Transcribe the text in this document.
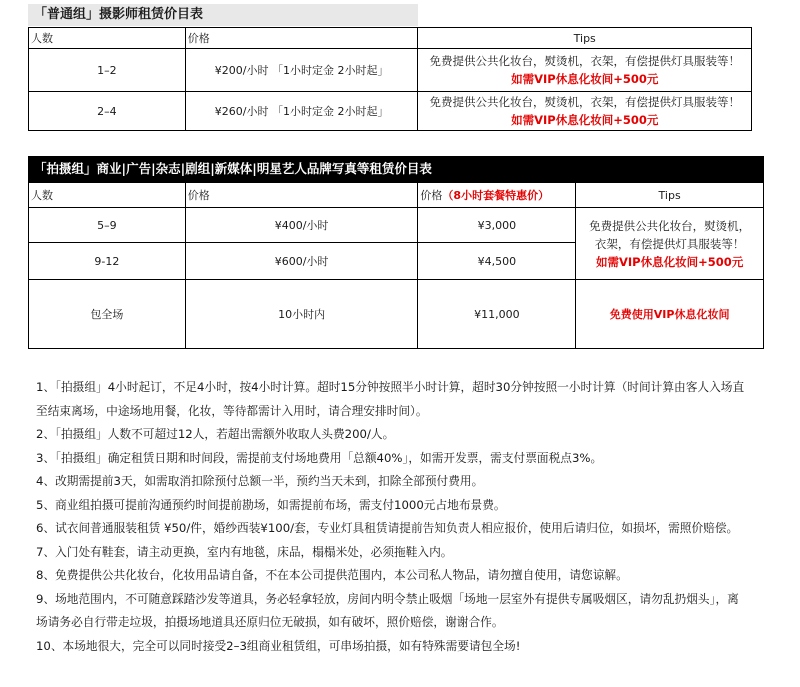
「普通组」摄影师租赁价目表
人数	价格	Tips
1–2	¥200/小时 「1小时定金 2小时起」	免费提供公共化妆台，熨烫机，衣架，有偿提供灯具服装等！
如需VIP休息化妆间+500元

2–4	¥260/小时 「1小时定金 2小时起」	免费提供公共化妆台，熨烫机，衣架，有偿提供灯具服装等！
如需VIP休息化妆间+500元
「拍摄组」商业|广告|杂志|剧组|新媒体|明星艺人品牌写真等租赁价目表
人数	价格	价格（8小时套餐特惠价）	Tips
5–9	¥400/小时	¥3,000	免费提供公共化妆台，熨烫机，
衣架，有偿提供灯具服装等！
如需VIP休息化妆间+500元

9-12	¥600/小时	¥4,500	
包全场	10小时内	¥11,000	免费使用VIP休息化妆间
1、「拍摄组」4小时起订，不足4小时，按4小时计算。超时15分钟按照半小时计算，超时30分钟按照一小时计算（时间计算由客人入场直
至结束离场，中途场地用餐，化妆，等待都需计入用时，请合理安排时间）。
2、「拍摄组」人数不可超过12人，若超出需额外收取人头费200/人。
3、「拍摄组」确定租赁日期和时间段，需提前支付场地费用「总额40%」，如需开发票，需支付票面税点3%。
4、改期需提前3天，如需取消扣除预付总额一半，预约当天未到，扣除全部预付费用。
5、商业组拍摄可提前沟通预约时间提前勘场，如需提前布场，需支付1000元占地布景费。
6、试衣间普通服装租赁 ¥50/件，婚纱西装¥100/套，专业灯具租赁请提前告知负责人相应报价，使用后请归位，如损坏，需照价赔偿。
7、入门处有鞋套，请主动更换，室内有地毯，床品，榻榻米处，必须拖鞋入内。
8、免费提供公共化妆台，化妆用品请自备，不在本公司提供范围内，本公司私人物品，请勿擅自使用，请您谅解。
9、场地范围内，不可随意踩踏沙发等道具，务必轻拿轻放，房间内明令禁止吸烟「场地一层室外有提供专属吸烟区，请勿乱扔烟头」，离
场请务必自行带走垃圾，拍摄场地道具还原归位无破损，如有破坏，照价赔偿，谢谢合作。
10、本场地很大，完全可以同时接受2–3组商业租赁组，可串场拍摄，如有特殊需要请包全场!
